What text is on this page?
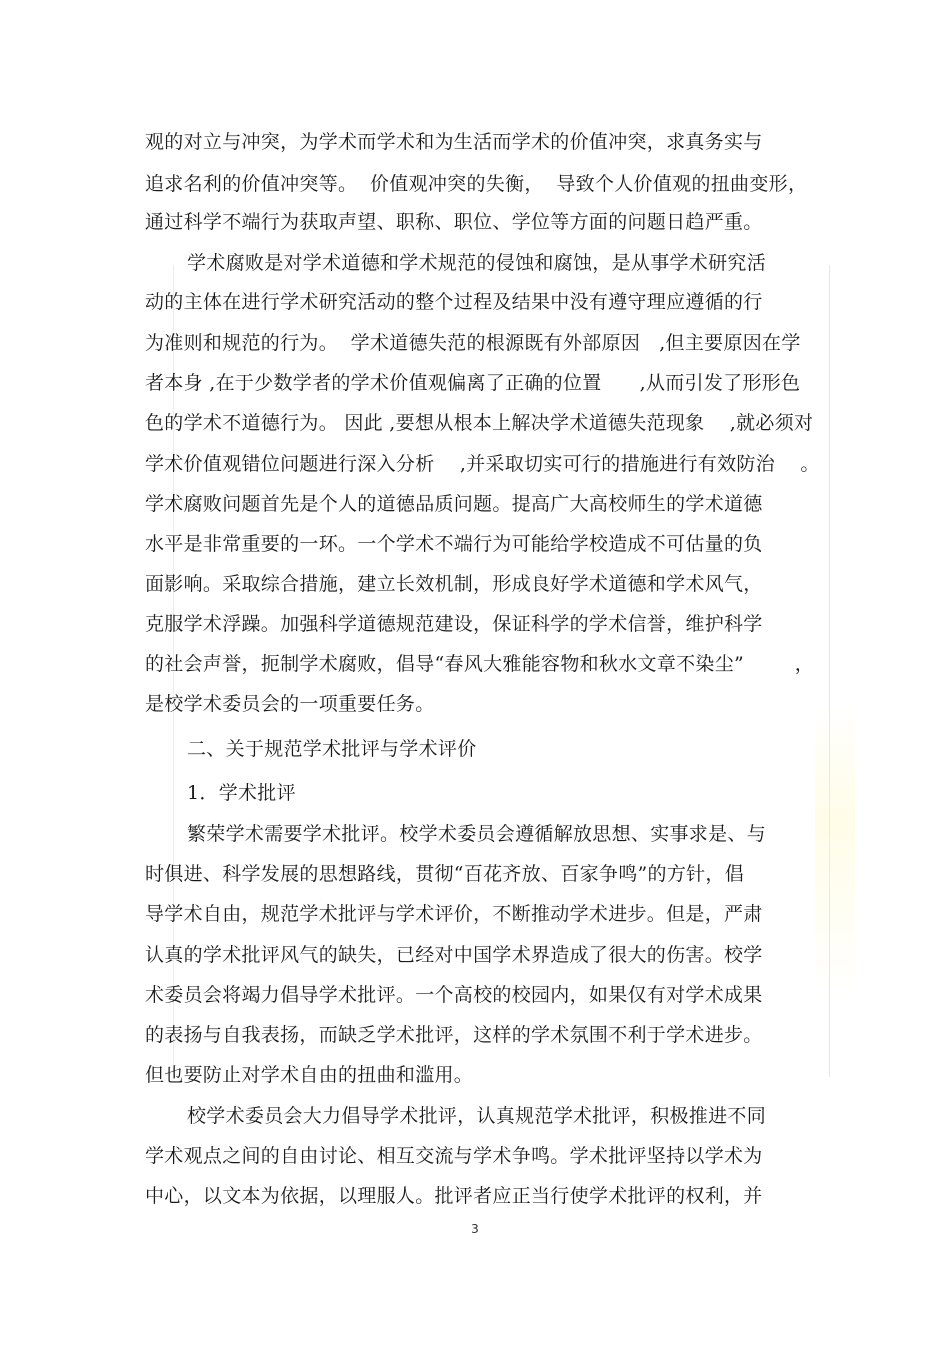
观的对立与冲突，为学术而学术和为生活而学术的价值冲突，求真务实与
追求名利的价值冲突等。  价值观冲突的失衡，  导致个人价值观的扭曲变形，
通过科学不端行为获取声望、职称、职位、学位等方面的问题日趋严重。
学术腐败是对学术道德和学术规范的侵蚀和腐蚀，是从事学术研究活
动的主体在进行学术研究活动的整个过程及结果中没有遵守理应遵循的行
为准则和规范的行为。  学术道德失范的根源既有外部原因   ,但主要原因在学
者本身 ,在于少数学者的学术价值观偏离了正确的位置      ,从而引发了形形色
色的学术不道德行为。 因此 ,要想从根本上解决学术道德失范现象    ,就必须对
学术价值观错位问题进行深入分析    ,并采取切实可行的措施进行有效防治    。
学术腐败问题首先是个人的道德品质问题。提高广大高校师生的学术道德
水平是非常重要的一环。一个学术不端行为可能给学校造成不可估量的负
面影响。采取综合措施，建立长效机制，形成良好学术道德和学术风气，
克服学术浮躁。加强科学道德规范建设，保证科学的学术信誉，维护科学
的社会声誉，扼制学术腐败，倡导“春风大雅能容物和秋水文章不染尘”        ，
是校学术委员会的一项重要任务。
二、关于规范学术批评与学术评价
1．学术批评
繁荣学术需要学术批评。校学术委员会遵循解放思想、实事求是、与
时俱进、科学发展的思想路线，贯彻“百花齐放、百家争鸣”的方针，倡
导学术自由，规范学术批评与学术评价，不断推动学术进步。但是，严肃
认真的学术批评风气的缺失，已经对中国学术界造成了很大的伤害。校学
术委员会将竭力倡导学术批评。一个高校的校园内，如果仅有对学术成果
的表扬与自我表扬，而缺乏学术批评，这样的学术氛围不利于学术进步。
但也要防止对学术自由的扭曲和滥用。
校学术委员会大力倡导学术批评，认真规范学术批评，积极推进不同
学术观点之间的自由讨论、相互交流与学术争鸣。学术批评坚持以学术为
中心，以文本为依据，以理服人。批评者应正当行使学术批评的权利，并
3
